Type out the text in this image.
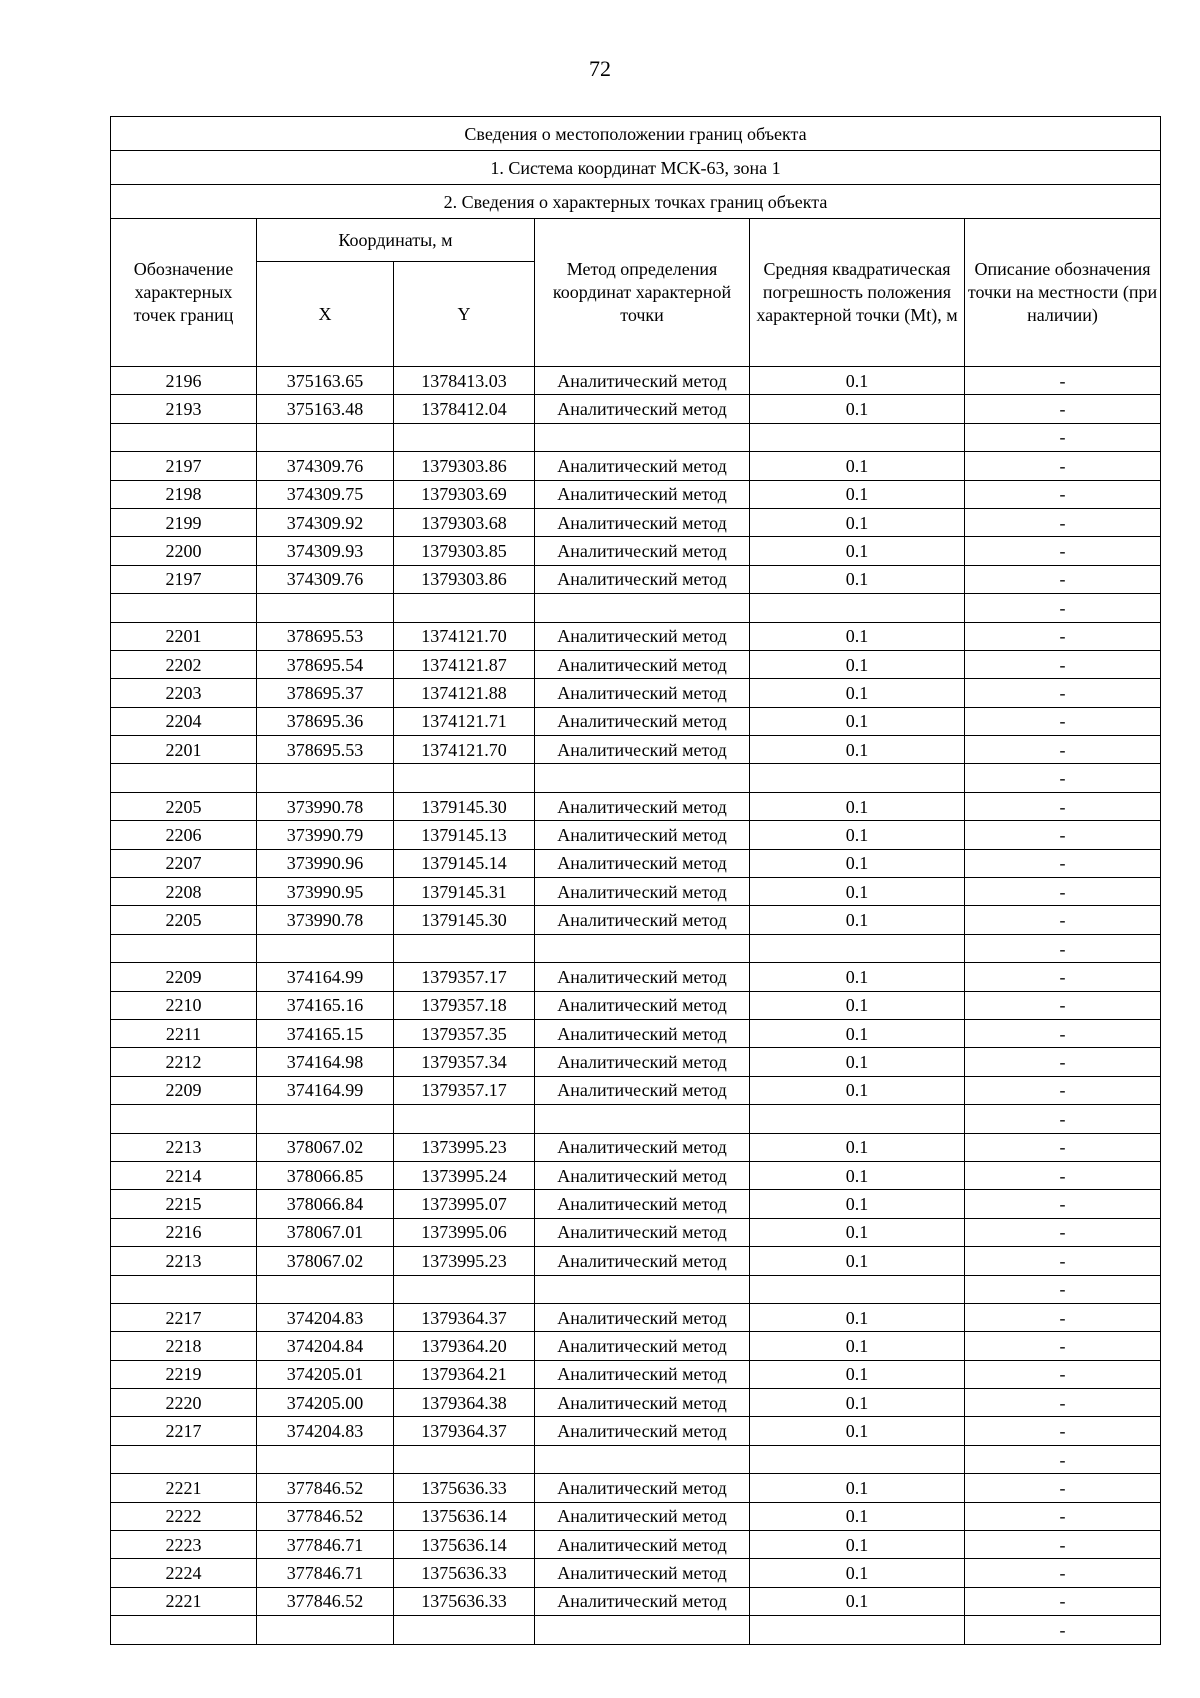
72
Сведения о местоположении границ объекта					
1. Система координат МСК-63, зона 1					
2. Сведения о характерных точках границ объекта					
Обозначение характерных точек границ	Координаты, м		Метод определения координат характерной точки	Средняя квадратическая погрешность положения характерной точки (Mt), м	Описание обозначения точки на местности (при наличии)
	X	Y			
2196	375163.65	1378413.03	Аналитический метод	0.1	-
2193	375163.48	1378412.04	Аналитический метод	0.1	-
					-
2197	374309.76	1379303.86	Аналитический метод	0.1	-
2198	374309.75	1379303.69	Аналитический метод	0.1	-
2199	374309.92	1379303.68	Аналитический метод	0.1	-
2200	374309.93	1379303.85	Аналитический метод	0.1	-
2197	374309.76	1379303.86	Аналитический метод	0.1	-
					-
2201	378695.53	1374121.70	Аналитический метод	0.1	-
2202	378695.54	1374121.87	Аналитический метод	0.1	-
2203	378695.37	1374121.88	Аналитический метод	0.1	-
2204	378695.36	1374121.71	Аналитический метод	0.1	-
2201	378695.53	1374121.70	Аналитический метод	0.1	-
					-
2205	373990.78	1379145.30	Аналитический метод	0.1	-
2206	373990.79	1379145.13	Аналитический метод	0.1	-
2207	373990.96	1379145.14	Аналитический метод	0.1	-
2208	373990.95	1379145.31	Аналитический метод	0.1	-
2205	373990.78	1379145.30	Аналитический метод	0.1	-
					-
2209	374164.99	1379357.17	Аналитический метод	0.1	-
2210	374165.16	1379357.18	Аналитический метод	0.1	-
2211	374165.15	1379357.35	Аналитический метод	0.1	-
2212	374164.98	1379357.34	Аналитический метод	0.1	-
2209	374164.99	1379357.17	Аналитический метод	0.1	-
					-
2213	378067.02	1373995.23	Аналитический метод	0.1	-
2214	378066.85	1373995.24	Аналитический метод	0.1	-
2215	378066.84	1373995.07	Аналитический метод	0.1	-
2216	378067.01	1373995.06	Аналитический метод	0.1	-
2213	378067.02	1373995.23	Аналитический метод	0.1	-
					-
2217	374204.83	1379364.37	Аналитический метод	0.1	-
2218	374204.84	1379364.20	Аналитический метод	0.1	-
2219	374205.01	1379364.21	Аналитический метод	0.1	-
2220	374205.00	1379364.38	Аналитический метод	0.1	-
2217	374204.83	1379364.37	Аналитический метод	0.1	-
					-
2221	377846.52	1375636.33	Аналитический метод	0.1	-
2222	377846.52	1375636.14	Аналитический метод	0.1	-
2223	377846.71	1375636.14	Аналитический метод	0.1	-
2224	377846.71	1375636.33	Аналитический метод	0.1	-
2221	377846.52	1375636.33	Аналитический метод	0.1	-
					-
